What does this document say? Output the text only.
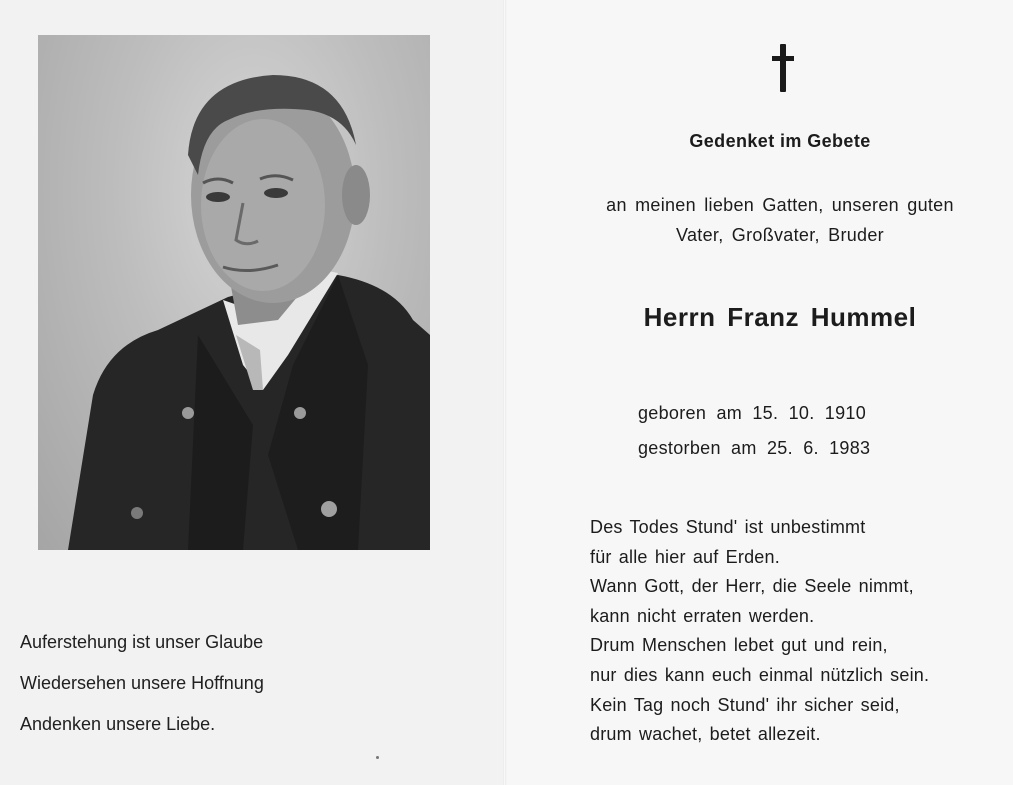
Auferstehung ist unser Glaube
Wiedersehen unsere Hoffnung
Andenken unsere Liebe.
Gedenket im Gebete
an meinen lieben Gatten, unseren guten
Vater, Großvater, Bruder
Herrn Franz Hummel
geboren am 15. 10. 1910
gestorben am 25. 6. 1983
Des Todes Stund' ist unbestimmt
für alle hier auf Erden.
Wann Gott, der Herr, die Seele nimmt,
kann nicht erraten werden.
Drum Menschen lebet gut und rein,
nur dies kann euch einmal nützlich sein.
Kein Tag noch Stund' ihr sicher seid,
drum wachet, betet allezeit.
